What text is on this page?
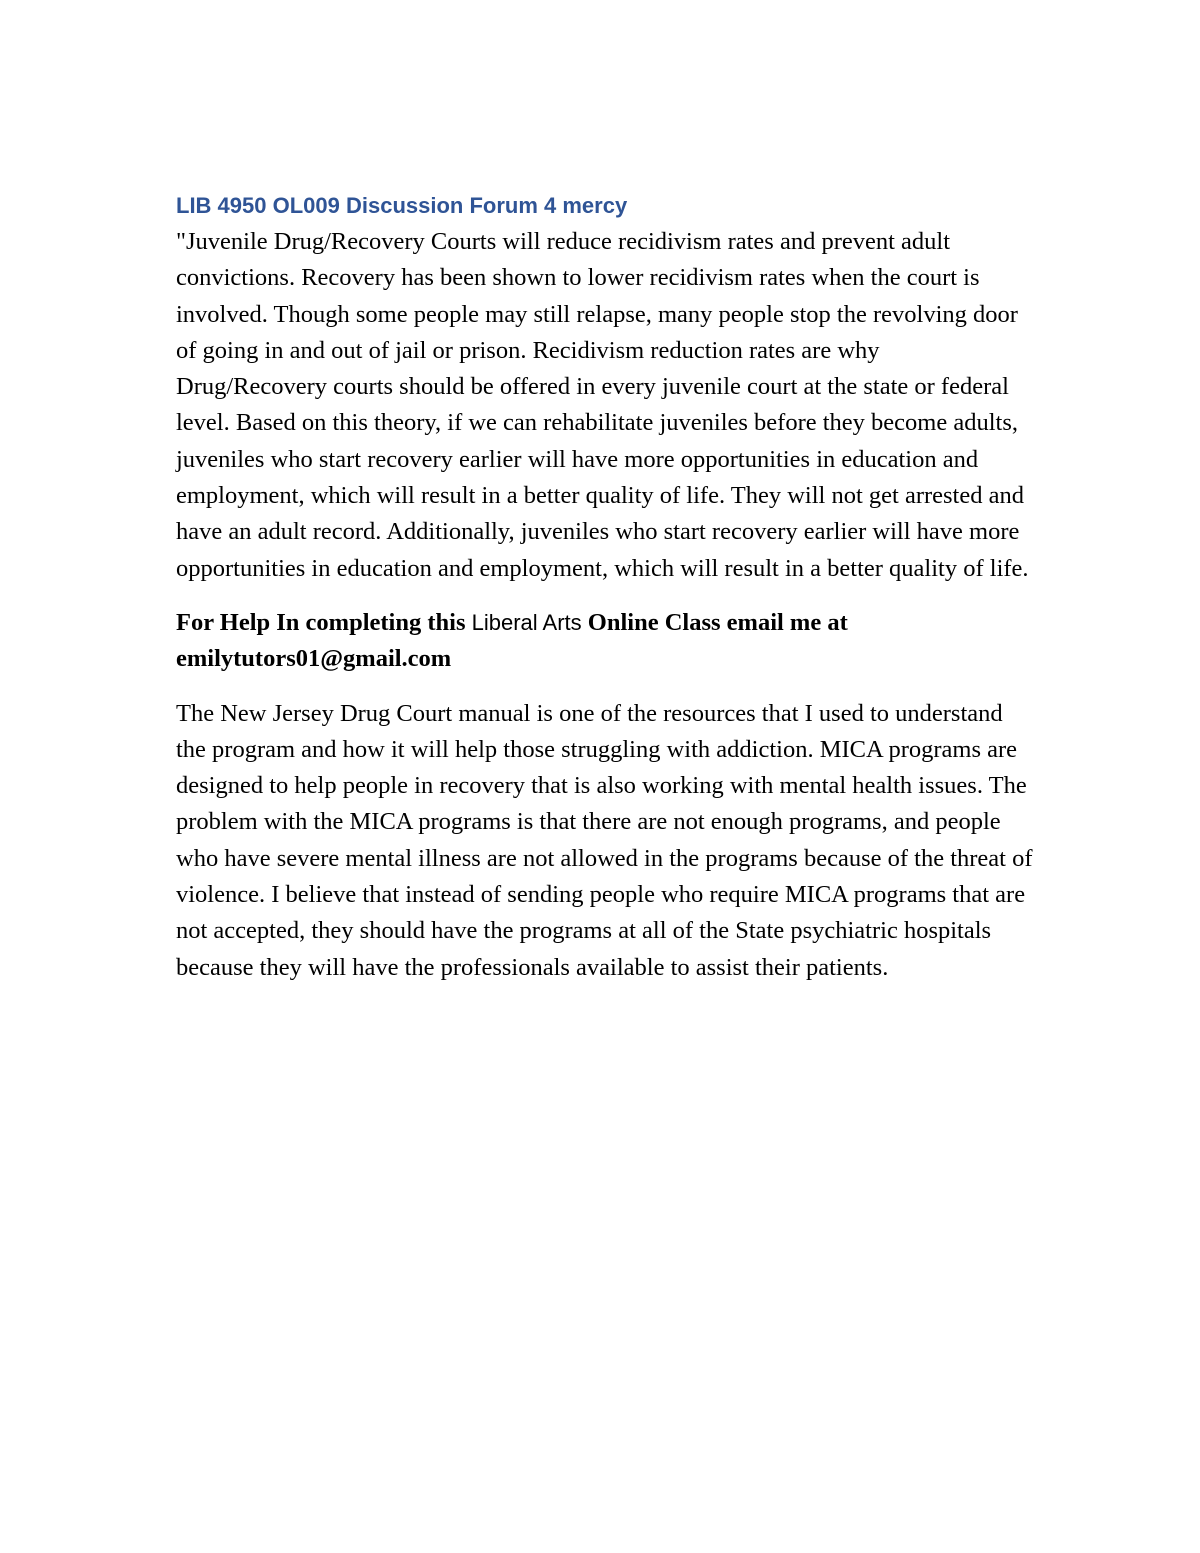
LIB 4950 OL009 Discussion Forum 4 mercy

"Juvenile Drug/Recovery Courts will reduce recidivism rates and prevent adult convictions. Recovery has been shown to lower recidivism rates when the court is involved. Though some people may still relapse, many people stop the revolving door of going in and out of jail or prison. Recidivism reduction rates are why Drug/Recovery courts should be offered in every juvenile court at the state or federal level. Based on this theory, if we can rehabilitate juveniles before they become adults, juveniles who start recovery earlier will have more opportunities in education and employment, which will result in a better quality of life. They will not get arrested and have an adult record. Additionally, juveniles who start recovery earlier will have more opportunities in education and employment, which will result in a better quality of life.

For Help In completing this Liberal Arts Online Class email me at emilytutors01@gmail.com

The New Jersey Drug Court manual is one of the resources that I used to understand the program and how it will help those struggling with addiction. MICA programs are designed to help people in recovery that is also working with mental health issues. The problem with the MICA programs is that there are not enough programs, and people who have severe mental illness are not allowed in the programs because of the threat of violence. I believe that instead of sending people who require MICA programs that are not accepted, they should have the programs at all of the State psychiatric hospitals because they will have the professionals available to assist their patients.
